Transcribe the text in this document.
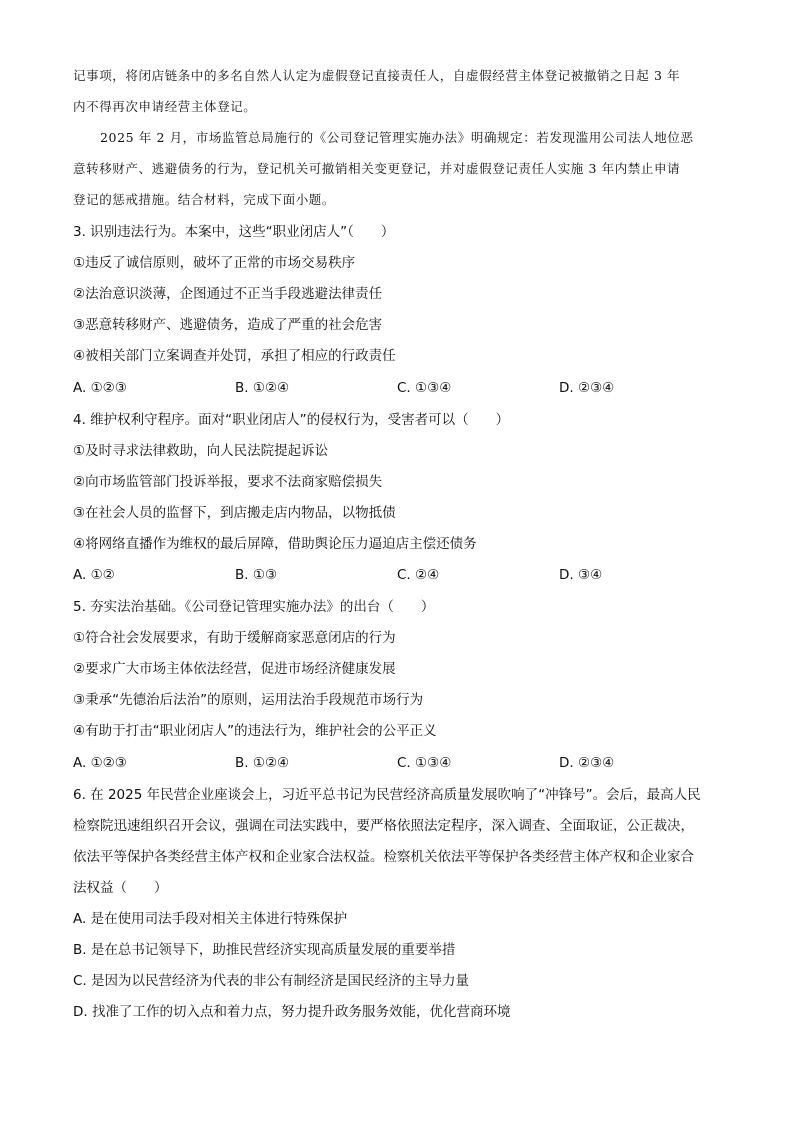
记事项，将闭店链条中的多名自然人认定为虚假登记直接责任人，自虚假经营主体登记被撤销之日起 3 年
内不得再次申请经营主体登记。
2025 年 2 月，市场监管总局施行的《公司登记管理实施办法》明确规定：若发现滥用公司法人地位恶
意转移财产、逃避债务的行为，登记机关可撤销相关变更登记，并对虚假登记责任人实施 3 年内禁止申请
登记的惩戒措施。结合材料，完成下面小题。
3. 识别违法行为。本案中，这些“职业闭店人”（　　）
①违反了诚信原则，破坏了正常的市场交易秩序
②法治意识淡薄，企图通过不正当手段逃避法律责任
③恶意转移财产、逃避债务，造成了严重的社会危害
④被相关部门立案调查并处罚，承担了相应的行政责任
A. ①②③	B. ①②④	C. ①③④	D. ②③④
4. 维护权利守程序。面对“职业闭店人”的侵权行为，受害者可以（　　）
①及时寻求法律救助，向人民法院提起诉讼
②向市场监管部门投诉举报，要求不法商家赔偿损失
③在社会人员的监督下，到店搬走店内物品，以物抵债
④将网络直播作为维权的最后屏障，借助舆论压力逼迫店主偿还债务
A. ①②	B. ①③	C. ②④	D. ③④
5. 夯实法治基础。《公司登记管理实施办法》的出台（　　）
①符合社会发展要求，有助于缓解商家恶意闭店的行为
②要求广大市场主体依法经营，促进市场经济健康发展
③秉承“先德治后法治”的原则，运用法治手段规范市场行为
④有助于打击“职业闭店人”的违法行为，维护社会的公平正义
A. ①②③	B. ①②④	C. ①③④	D. ②③④
6. 在 2025 年民营企业座谈会上，习近平总书记为民营经济高质量发展吹响了“冲锋号”。会后，最高人民
检察院迅速组织召开会议，强调在司法实践中，要严格依照法定程序，深入调查、全面取证，公正裁决，
依法平等保护各类经营主体产权和企业家合法权益。检察机关依法平等保护各类经营主体产权和企业家合
法权益（　　）
A. 是在使用司法手段对相关主体进行特殊保护
B. 是在总书记领导下，助推民营经济实现高质量发展的重要举措
C. 是因为以民营经济为代表的非公有制经济是国民经济的主导力量
D. 找准了工作的切入点和着力点，努力提升政务服务效能，优化营商环境
